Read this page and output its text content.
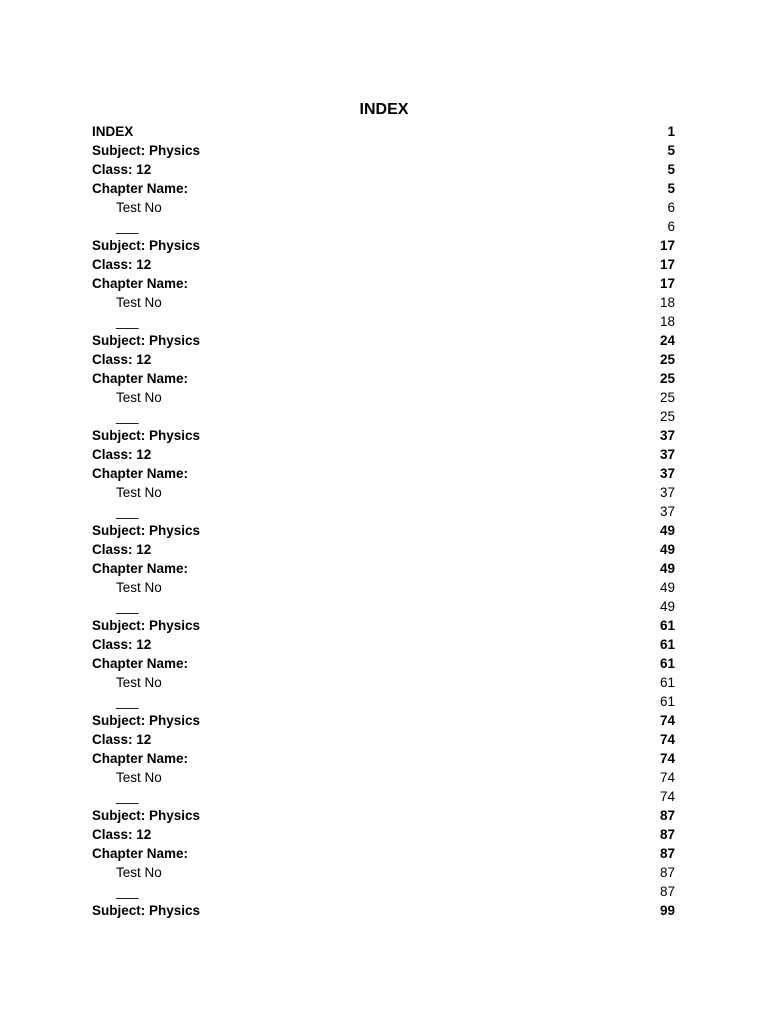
INDEX
INDEX	1
Subject: Physics	5
Class: 12	5
Chapter Name:	5
Test No	6
___	6
Subject: Physics	17
Class: 12	17
Chapter Name:	17
Test No	18
___	18
Subject: Physics	24
Class: 12	25
Chapter Name:	25
Test No	25
___	25
Subject: Physics	37
Class: 12	37
Chapter Name:	37
Test No	37
___	37
Subject: Physics	49
Class: 12	49
Chapter Name:	49
Test No	49
___	49
Subject: Physics	61
Class: 12	61
Chapter Name:	61
Test No	61
___	61
Subject: Physics	74
Class: 12	74
Chapter Name:	74
Test No	74
___	74
Subject: Physics	87
Class: 12	87
Chapter Name:	87
Test No	87
___	87
Subject: Physics	99
